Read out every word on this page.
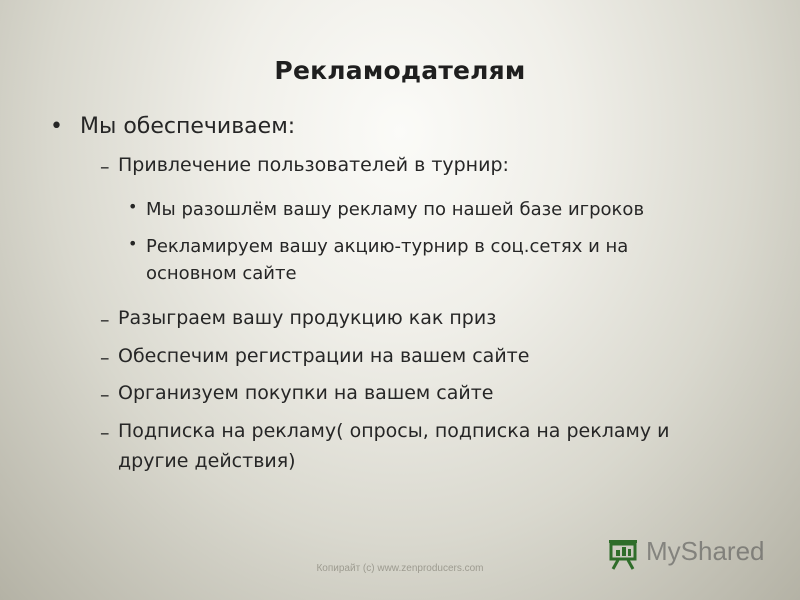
Рекламодателям
• Мы обеспечиваем:
– Привлечение пользователей в турнир:
• Мы разошлём вашу рекламу по нашей базе игроков
• Рекламируем вашу акцию-турнир в соц.сетях и на
основном сайте
– Разыграем вашу продукцию как приз
– Обеспечим регистрации на вашем сайте
– Организуем покупки на вашем сайте
– Подписка на рекламу( опросы, подписка на рекламу и
другие действия)
MyShared
Копирайт (с) www.zenproducers.com
